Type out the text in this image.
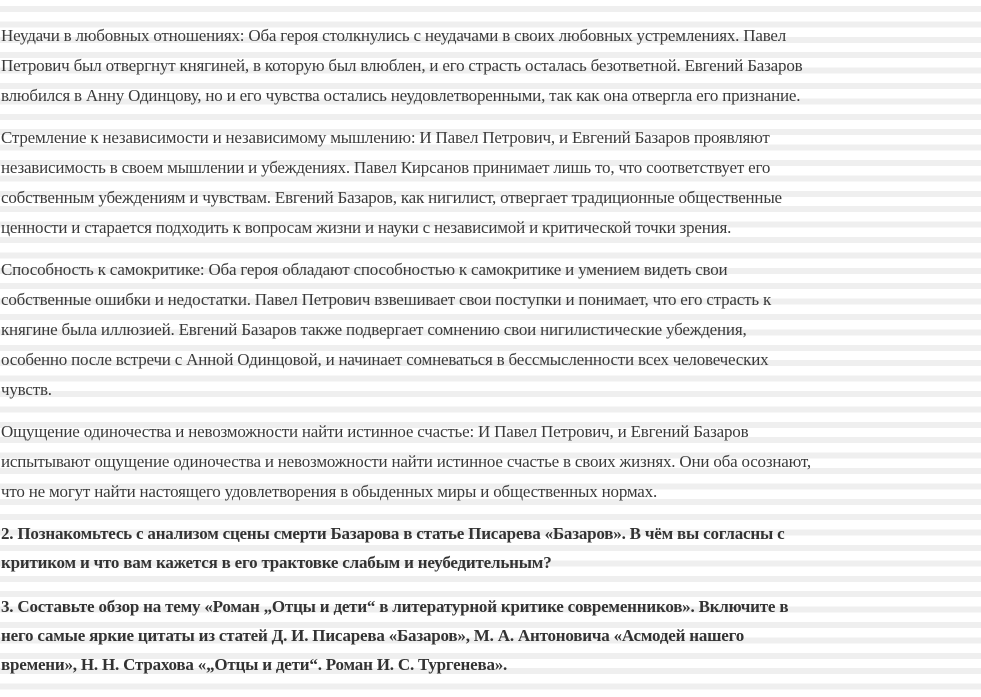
Неудачи в любовных отношениях: Оба героя столкнулись с неудачами в своих любовных устремлениях. Павел
Петрович был отвергнут княгиней, в которую был влюблен, и его страсть осталась безответной. Евгений Базаров
влюбился в Анну Одинцову, но и его чувства остались неудовлетворенными, так как она отвергла его признание.
Стремление к независимости и независимому мышлению: И Павел Петрович, и Евгений Базаров проявляют
независимость в своем мышлении и убеждениях. Павел Кирсанов принимает лишь то, что соответствует его
собственным убеждениям и чувствам. Евгений Базаров, как нигилист, отвергает традиционные общественные
ценности и старается подходить к вопросам жизни и науки с независимой и критической точки зрения.
Способность к самокритике: Оба героя обладают способностью к самокритике и умением видеть свои
собственные ошибки и недостатки. Павел Петрович взвешивает свои поступки и понимает, что его страсть к
княгине была иллюзией. Евгений Базаров также подвергает сомнению свои нигилистические убеждения,
особенно после встречи с Анной Одинцовой, и начинает сомневаться в бессмысленности всех человеческих
чувств.
Ощущение одиночества и невозможности найти истинное счастье: И Павел Петрович, и Евгений Базаров
испытывают ощущение одиночества и невозможности найти истинное счастье в своих жизнях. Они оба осознают,
что не могут найти настоящего удовлетворения в обыденных миры и общественных нормах.
2. Познакомьтесь с анализом сцены смерти Базарова в статье Писарева «Базаров». В чём вы согласны с
критиком и что вам кажется в его трактовке слабым и неубедительным?
3. Составьте обзор на тему «Роман „Отцы и дети“ в литературной критике современников». Включите в
него самые яркие цитаты из статей Д. И. Писарева «Базаров», М. А. Антоновича «Асмодей нашего
времени», Н. Н. Страхова «„Отцы и дети“. Роман И. С. Тургенева».
